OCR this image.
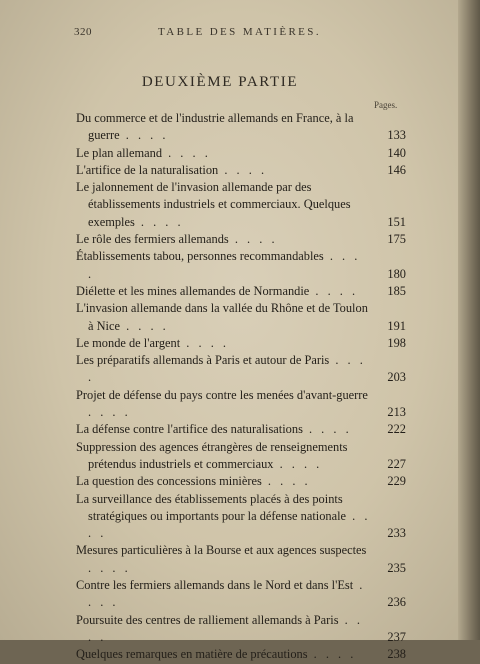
320	TABLE DES MATIÈRES.
DEUXIÈME PARTIE
Pages.
Du commerce et de l'industrie allemands en France, à la guerre . . . .	133
Le plan allemand . . . .	140
L'artifice de la naturalisation . . . .	146
Le jalonnement de l'invasion allemande par des établissements industriels et commerciaux. Quelques exemples . . . .	151
Le rôle des fermiers allemands . . . .	175
Établissements tabou, personnes recommandables . . . .	180
Diélette et les mines allemandes de Normandie . . . .	185
L'invasion allemande dans la vallée du Rhône et de Toulon à Nice . . . .	191
Le monde de l'argent . . . .	198
Les préparatifs allemands à Paris et autour de Paris . . . .	203
Projet de défense du pays contre les menées d'avant-guerre . . . .	213
La défense contre l'artifice des naturalisations . . . .	222
Suppression des agences étrangères de renseignements prétendus industriels et commerciaux . . . .	227
La question des concessions minières . . . .	229
La surveillance des établissements placés à des points stratégiques ou importants pour la défense nationale . . . .	233
Mesures particulières à la Bourse et aux agences suspectes . . . .	235
Contre les fermiers allemands dans le Nord et dans l'Est . . . .	236
Poursuite des centres de ralliement allemands à Paris . . . .	237
Quelques remarques en matière de précautions . . . .	238
